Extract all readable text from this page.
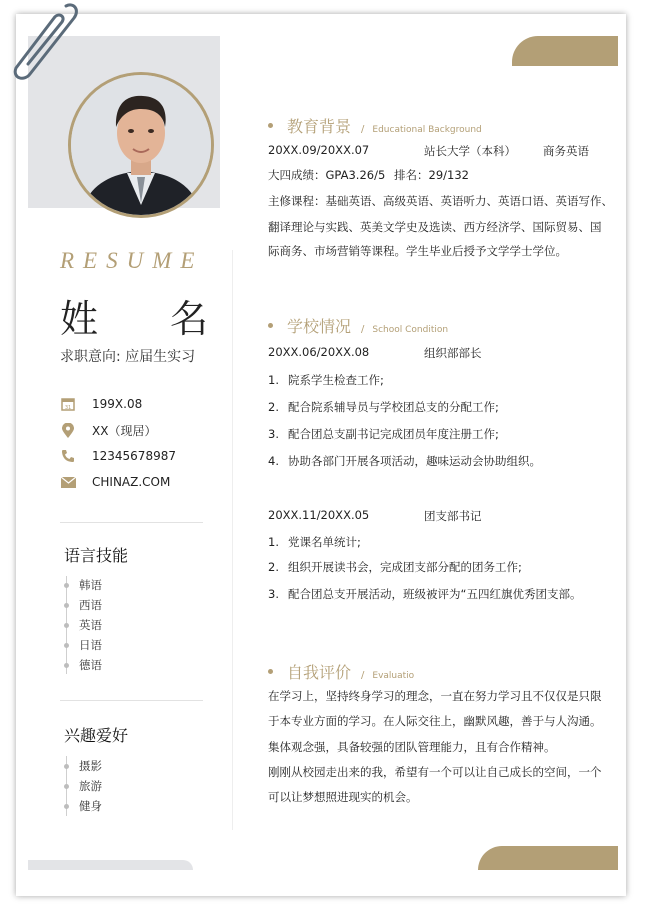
RESUME
姓 名
求职意向: 应届生实习
31 199X.08
XX（现居）
12345678987
CHINAZ.COM
语言技能
韩语
西语
英语
日语
德语
兴趣爱好
摄影
旅游
健身
教育背景 / Educational Background
20XX.09/20XX.07	站长大学（本科） 商务英语
大四成绩：GPA3.26/5 排名：29/132
主修课程：基础英语、高级英语、英语听力、英语口语、英语写作、
翻译理论与实践、英美文学史及选读、西方经济学、国际贸易、国
际商务、市场营销等课程。学生毕业后授予文学学士学位。
学校情况 / School Condition
20XX.06/20XX.08	组织部部长
1. 院系学生检查工作;
2. 配合院系辅导员与学校团总支的分配工作;
3. 配合团总支副书记完成团员年度注册工作;
4. 协助各部门开展各项活动，趣味运动会协助组织。
20XX.11/20XX.05	团支部书记
1. 党课名单统计;
2. 组织开展读书会，完成团支部分配的团务工作;
3. 配合团总支开展活动，班级被评为“五四红旗优秀团支部。
自我评价 / Evaluatio
在学习上，坚持终身学习的理念，一直在努力学习且不仅仅是只限
于本专业方面的学习。在人际交往上，幽默风趣，善于与人沟通。
集体观念强，具备较强的团队管理能力，且有合作精神。
刚刚从校园走出来的我，希望有一个可以让自己成长的空间，一个
可以让梦想照进现实的机会。
